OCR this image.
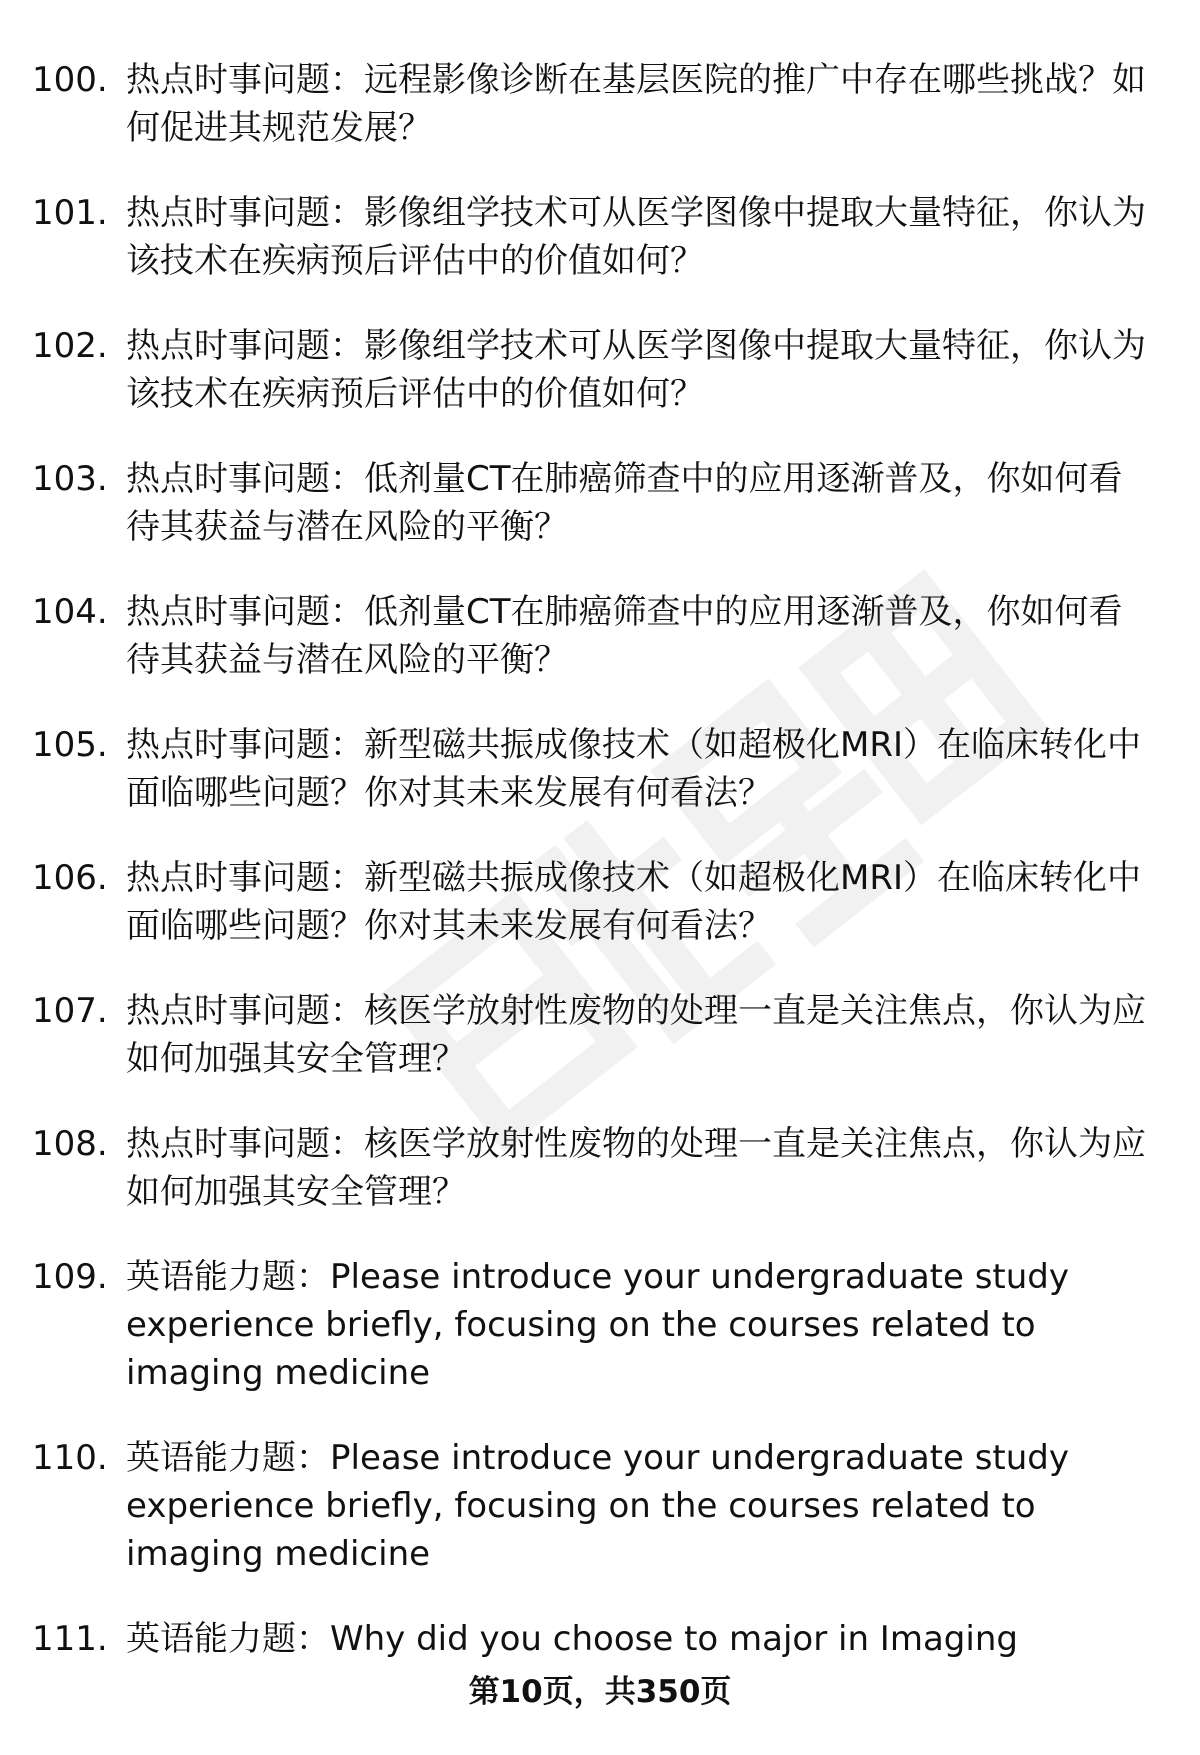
100. 热点时事问题：远程影像诊断在基层医院的推广中存在哪些挑战？如何促进其规范发展？
101. 热点时事问题：影像组学技术可从医学图像中提取大量特征，你认为该技术在疾病预后评估中的价值如何？
102. 热点时事问题：影像组学技术可从医学图像中提取大量特征，你认为该技术在疾病预后评估中的价值如何？
103. 热点时事问题：低剂量CT在肺癌筛查中的应用逐渐普及，你如何看待其获益与潜在风险的平衡？
104. 热点时事问题：低剂量CT在肺癌筛查中的应用逐渐普及，你如何看待其获益与潜在风险的平衡？
105. 热点时事问题：新型磁共振成像技术（如超极化MRI）在临床转化中面临哪些问题？你对其未来发展有何看法？
106. 热点时事问题：新型磁共振成像技术（如超极化MRI）在临床转化中面临哪些问题？你对其未来发展有何看法？
107. 热点时事问题：核医学放射性废物的处理一直是关注焦点，你认为应如何加强其安全管理？
108. 热点时事问题：核医学放射性废物的处理一直是关注焦点，你认为应如何加强其安全管理？
109. 英语能力题：Please introduce your undergraduate study experience briefly, focusing on the courses related to imaging medicine
110. 英语能力题：Please introduce your undergraduate study experience briefly, focusing on the courses related to imaging medicine
111. 英语能力题：Why did you choose to major in Imaging
第10页，共350页
